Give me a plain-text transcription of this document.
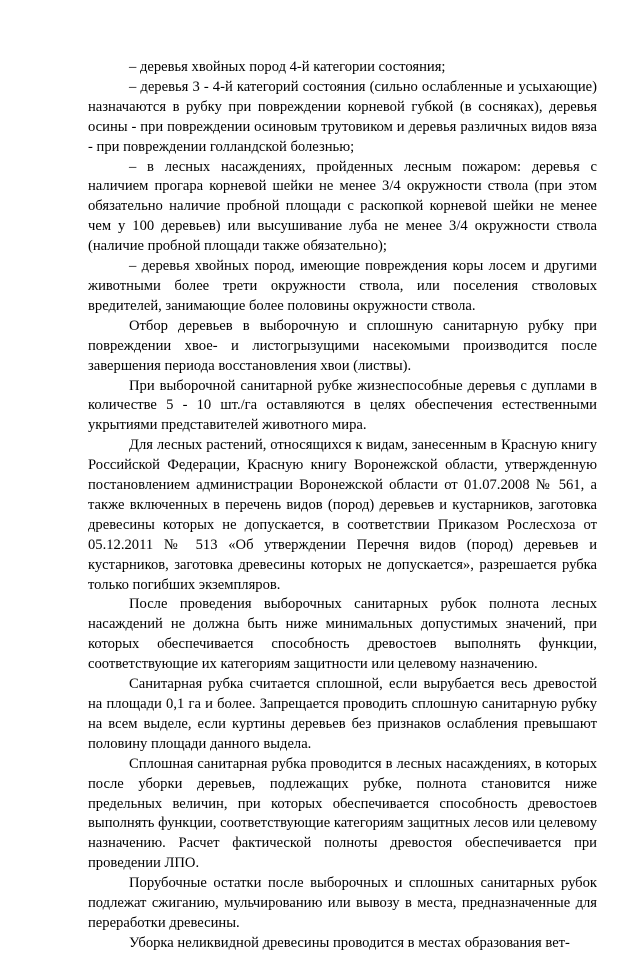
– деревья хвойных пород 4-й категории состояния;

– деревья 3 - 4-й категорий состояния (сильно ослабленные и усыхающие) назначаются в рубку при повреждении корневой губкой (в сосняках), деревья осины - при повреждении осиновым трутовиком и деревья различных видов вяза - при повреждении голландской болезнью;

– в лесных насаждениях, пройденных лесным пожаром: деревья с наличием прогара корневой шейки не менее 3/4 окружности ствола (при этом обязательно наличие пробной площади с раскопкой корневой шейки не менее чем у 100 деревьев) или высушивание луба не менее 3/4 окружности ствола (наличие пробной площади также обязательно);

– деревья хвойных пород, имеющие повреждения коры лосем и другими животными более трети окружности ствола, или поселения стволовых вредителей, занимающие более половины окружности ствола.

Отбор деревьев в выборочную и сплошную санитарную рубку при повреждении хвое- и листогрызущими насекомыми производится после завершения периода восстановления хвои (листвы).

При выборочной санитарной рубке жизнеспособные деревья с дуплами в количестве 5 - 10 шт./га оставляются в целях обеспечения естественными укрытиями представителей животного мира.

Для лесных растений, относящихся к видам, занесенным в Красную книгу Российской Федерации, Красную книгу Воронежской области, утвержденную постановлением администрации Воронежской области от 01.07.2008 № 561, а также включенных в перечень видов (пород) деревьев и кустарников, заготовка древесины которых не допускается, в соответствии Приказом Рослесхоза от 05.12.2011 № 513 «Об утверждении Перечня видов (пород) деревьев и кустарников, заготовка древесины которых не допускается», разрешается рубка только погибших экземпляров.

После проведения выборочных санитарных рубок полнота лесных насаждений не должна быть ниже минимальных допустимых значений, при которых обеспечивается способность древостоев выполнять функции, соответствующие их категориям защитности или целевому назначению.

Санитарная рубка считается сплошной, если вырубается весь древостой на площади 0,1 га и более. Запрещается проводить сплошную санитарную рубку на всем выделе, если куртины деревьев без признаков ослабления превышают половину площади данного выдела.

Сплошная санитарная рубка проводится в лесных насаждениях, в которых после уборки деревьев, подлежащих рубке, полнота становится ниже предельных величин, при которых обеспечивается способность древостоев выполнять функции, соответствующие категориям защитных лесов или целевому назначению. Расчет фактической полноты древостоя обеспечивается при проведении ЛПО.

Порубочные остатки после выборочных и сплошных санитарных рубок подлежат сжиганию, мульчированию или вывозу в места, предназначенные для переработки древесины.

Уборка неликвидной древесины проводится в местах образования вет-
